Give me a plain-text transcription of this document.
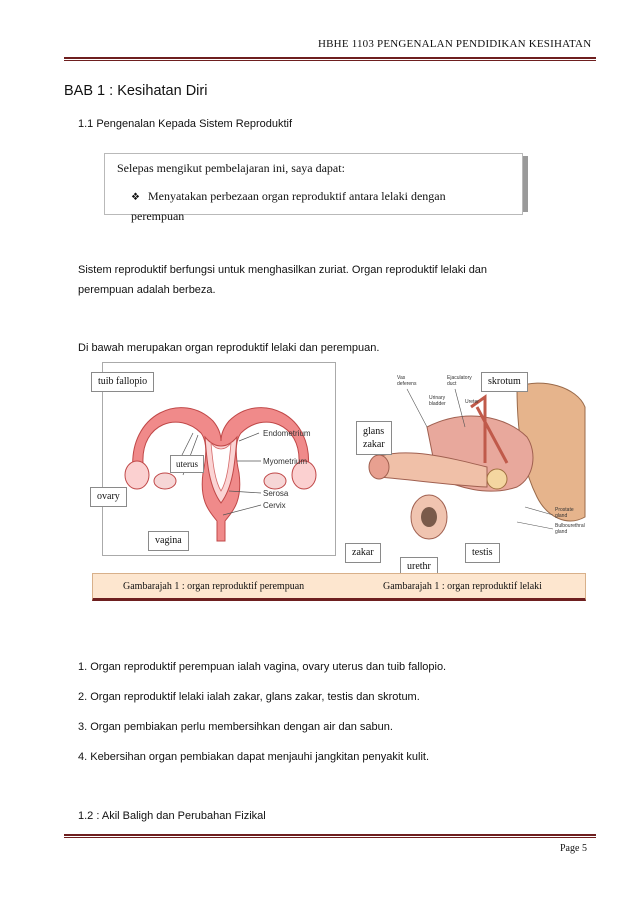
HBHE 1103 PENGENALAN PENDIDIKAN KESIHATAN
BAB 1 : Kesihatan Diri
1.1 Pengenalan Kepada Sistem Reproduktif
Selepas mengikut pembelajaran ini, saya dapat:
❖ Menyatakan perbezaan organ reproduktif antara lelaki dengan perempuan
Sistem reproduktif berfungsi untuk menghasilkan zuriat. Organ reproduktif lelaki dan
perempuan adalah berbeza.
Di bawah merupakan organ reproduktif lelaki dan perempuan.
Endometrium
Myometrium
Serosa
Cervix
tuib fallopio
uterus
ovary
vagina
Vas
deferens
Ejaculatory
duct
Urinary
bladder	Ureter
Prostate
gland
Bulbourethral
gland
skrotum
glans
zakar
zakar
urethr
testis
Gambarajah 1 : organ reproduktif perempuan	Gambarajah 1 : organ reproduktif lelaki
1. Organ reproduktif perempuan ialah vagina, ovary uterus dan tuib fallopio.
2. Organ reproduktif lelaki ialah zakar, glans zakar, testis dan skrotum.
3. Organ pembiakan perlu membersihkan dengan air dan sabun.
4. Kebersihan organ pembiakan dapat menjauhi jangkitan penyakit kulit.
1.2 : Akil Baligh dan Perubahan Fizikal
Page 5
